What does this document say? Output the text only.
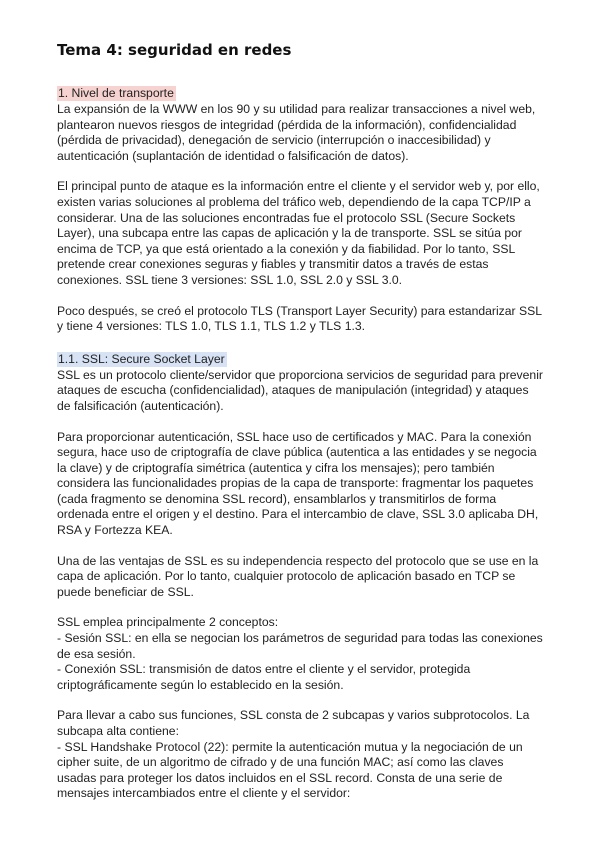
Tema 4: seguridad en redes
1. Nivel de transporte

La expansión de la WWW en los 90 y su utilidad para realizar transacciones a nivel web, plantearon nuevos riesgos de integridad (pérdida de la información), confidencialidad (pérdida de privacidad), denegación de servicio (interrupción o inaccesibilidad) y autenticación (suplantación de identidad o falsificación de datos).

El principal punto de ataque es la información entre el cliente y el servidor web y, por ello, existen varias soluciones al problema del tráfico web, dependiendo de la capa TCP/IP a considerar. Una de las soluciones encontradas fue el protocolo SSL (Secure Sockets Layer), una subcapa entre las capas de aplicación y la de transporte. SSL se sitúa por encima de TCP, ya que está orientado a la conexión y da fiabilidad. Por lo tanto, SSL pretende crear conexiones seguras y fiables y transmitir datos a través de estas conexiones. SSL tiene 3 versiones: SSL 1.0, SSL 2.0 y SSL 3.0.

Poco después, se creó el protocolo TLS (Transport Layer Security) para estandarizar SSL y tiene 4 versiones: TLS 1.0, TLS 1.1, TLS 1.2 y TLS 1.3.

1.1. SSL: Secure Socket Layer

SSL es un protocolo cliente/servidor que proporciona servicios de seguridad para prevenir ataques de escucha (confidencialidad), ataques de manipulación (integridad) y ataques de falsificación (autenticación).

Para proporcionar autenticación, SSL hace uso de certificados y MAC. Para la conexión segura, hace uso de criptografía de clave pública (autentica a las entidades y se negocia la clave) y de criptografía simétrica (autentica y cifra los mensajes); pero también considera las funcionalidades propias de la capa de transporte: fragmentar los paquetes (cada fragmento se denomina SSL record), ensamblarlos y transmitirlos de forma ordenada entre el origen y el destino. Para el intercambio de clave, SSL 3.0 aplicaba DH, RSA y Fortezza KEA.

Una de las ventajas de SSL es su independencia respecto del protocolo que se use en la capa de aplicación. Por lo tanto, cualquier protocolo de aplicación basado en TCP se puede beneficiar de SSL.

SSL emplea principalmente 2 conceptos:
- Sesión SSL: en ella se negocian los parámetros de seguridad para todas las conexiones de esa sesión.
- Conexión SSL: transmisión de datos entre el cliente y el servidor, protegida criptográficamente según lo establecido en la sesión.

Para llevar a cabo sus funciones, SSL consta de 2 subcapas y varios subprotocolos. La subcapa alta contiene:
- SSL Handshake Protocol (22): permite la autenticación mutua y la negociación de un cipher suite, de un algoritmo de cifrado y de una función MAC; así como las claves usadas para proteger los datos incluidos en el SSL record. Consta de una serie de mensajes intercambiados entre el cliente y el servidor:
